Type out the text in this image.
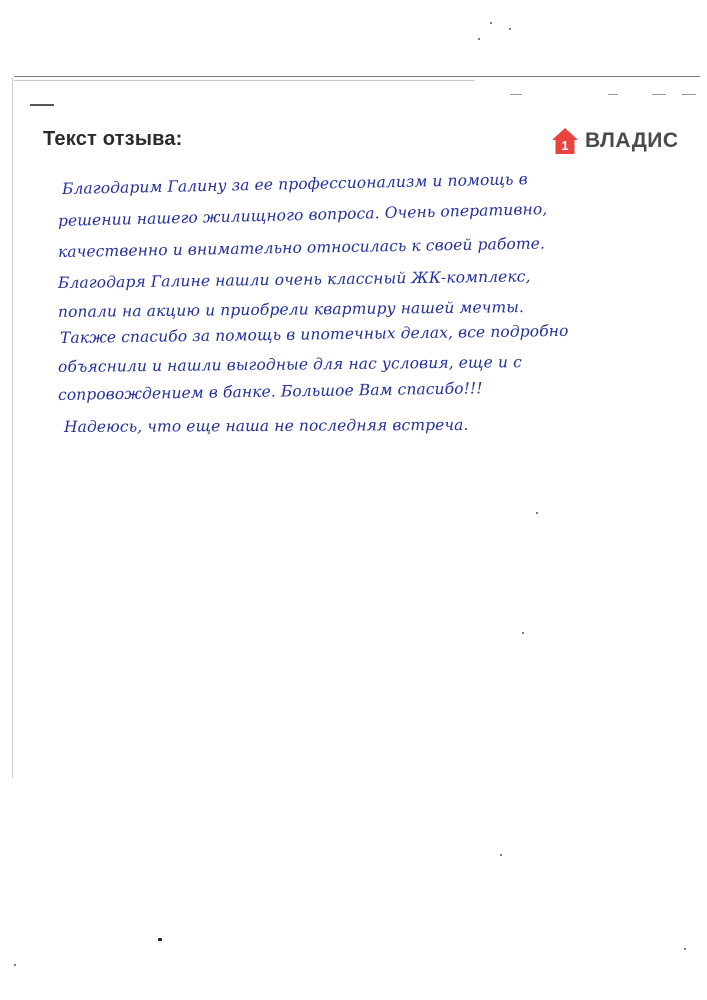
Текст отзыва:	1 ВЛАДИС
Благодарим Галину за ее профессионализм и помощь в
решении нашего жилищного вопроса. Очень оперативно,
качественно и внимательно относилась к своей работе.
Благодаря Галине нашли очень классный ЖК-комплекс,
попали на акцию и приобрели квартиру нашей мечты.
Также спасибо за помощь в ипотечных делах, все подробно
объяснили и нашли выгодные для нас условия, еще и с
сопровождением в банке. Большое Вам спасибо!!!
Надеюсь, что еще наша не последняя встреча.
